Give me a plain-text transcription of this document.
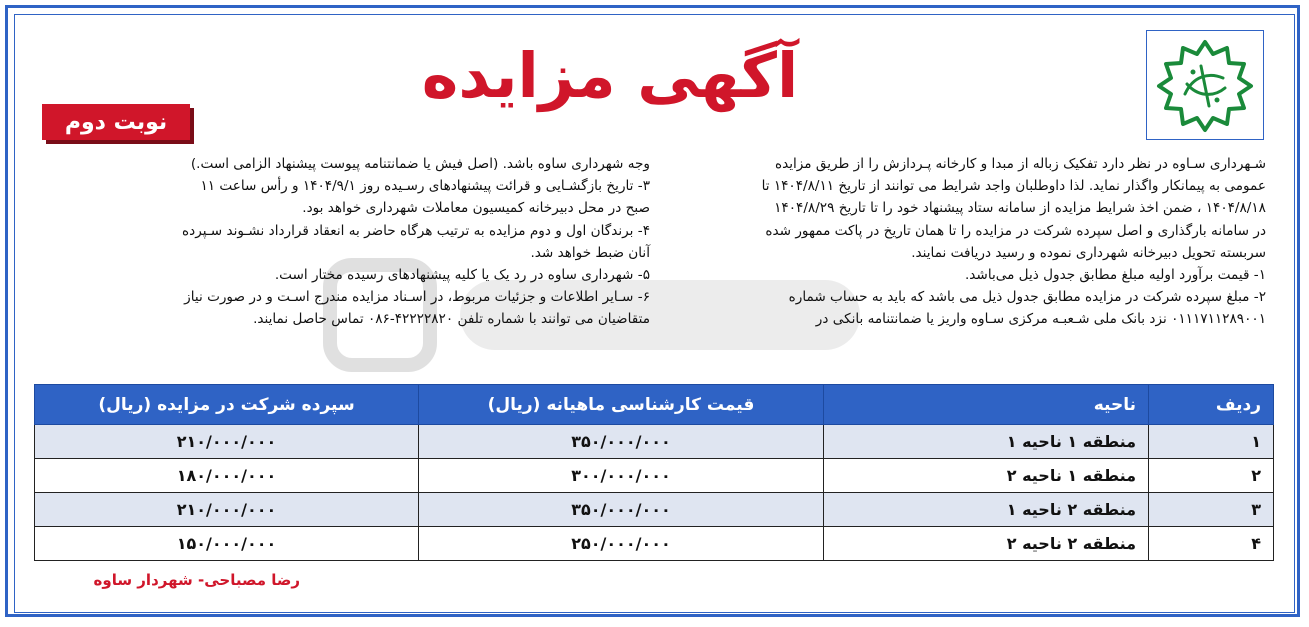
آگهی مزایده
نوبت دوم

شـهرداری سـاوه در نظر دارد تفکیک زباله از مبدا و کارخانه پـردازش را از طریق مزایده

عمومی به پیمانکار واگذار نماید. لذا داوطلبان واجد شرایط می توانند از تاریخ ۱۴۰۴/۸/۱۱ تا

۱۴۰۴/۸/۱۸ ، ضمن اخذ شرایط مزایده از سامانه ستاد پیشنهاد خود را تا تاریخ ۱۴۰۴/۸/۲۹

در سامانه بارگذاری و اصل سپرده شرکت در مزایده را تا همان تاریخ در پاکت ممهور شده

سربسته تحویل دبیرخانه شهرداری نموده و رسید دریافت نمایند.

۱- قیمت برآورد اولیه مبلغ مطابق جدول ذیل می‌باشد.

۲- مبلغ سپرده شرکت در مزایده مطابق جدول ذیل می باشد که باید به حساب شماره

۰۱۱۱۷۱۱۲۸۹۰۰۱ نزد بانک ملی شـعبـه مرکزی سـاوه واریز یا ضمانتنامه بانکی در

وجه شهرداری ساوه باشد. (اصل فیش یا ضمانتنامه پیوست پیشنهاد الزامی است.)

۳- تاریخ بازگشـایی و قرائت پیشنهادهای رسـیده روز ۱۴۰۴/۹/۱ و رأس ساعت ۱۱

صبح در محل دبیرخانه کمیسیون معاملات شهرداری خواهد بود.

۴- برندگان اول و دوم مزایده به ترتیب هرگاه حاضر به انعقاد قرارداد نشـوند سـپرده

آنان ضبط خواهد شد.

۵- شهرداری ساوه در رد یک یا کلیه پیشنهادهای رسیده مختار است.

۶- سـایر اطلاعات و جزئیات مربوط، در اسـناد مزایده مندرج اسـت و در صورت نیاز

متقاضیان می توانند با شماره تلفن ۴۲۲۲۲۸۲۰-۰۸۶ تماس حاصل نمایند.

ردیف	ناحیه	قیمت کارشناسی ماهیانه (ریال)	سپرده شرکت در مزایده (ریال)
۱	منطقه ۱ ناحیه ۱	۳۵۰/۰۰۰/۰۰۰	۲۱۰/۰۰۰/۰۰۰
۲	منطقه ۱ ناحیه ۲	۳۰۰/۰۰۰/۰۰۰	۱۸۰/۰۰۰/۰۰۰
۳	منطقه ۲ ناحیه ۱	۳۵۰/۰۰۰/۰۰۰	۲۱۰/۰۰۰/۰۰۰
۴	منطقه ۲ ناحیه ۲	۲۵۰/۰۰۰/۰۰۰	۱۵۰/۰۰۰/۰۰۰
رضا مصباحی- شهردار ساوه
